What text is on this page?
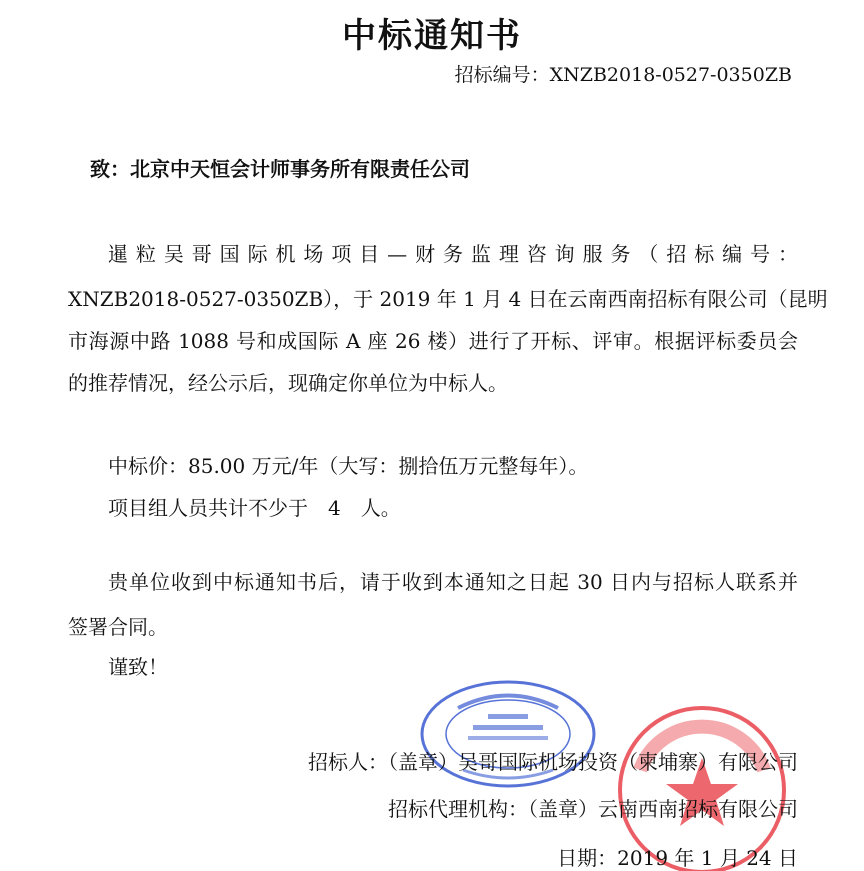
中标通知书
招标编号：XNZB2018-0527-0350ZB
致：北京中天恒会计师事务所有限责任公司
暹粒吴哥国际机场项目—财务监理咨询服务（招标编号：
XNZB2018-0527-0350ZB），于 2019 年 1 月 4 日在云南西南招标有限公司（昆明
市海源中路 1088 号和成国际 A 座 26 楼）进行了开标、评审。根据评标委员会
的推荐情况，经公示后，现确定你单位为中标人。
中标价：85.00 万元/年（大写：捌拾伍万元整每年）。
项目组人员共计不少于　4　人。
贵单位收到中标通知书后，请于收到本通知之日起 30 日内与招标人联系并
签署合同。
谨致！
招标人：（盖章）吴哥国际机场投资（柬埔寨）有限公司
招标代理机构：（盖章）云南西南招标有限公司
日期：2019 年 1 月 24 日
